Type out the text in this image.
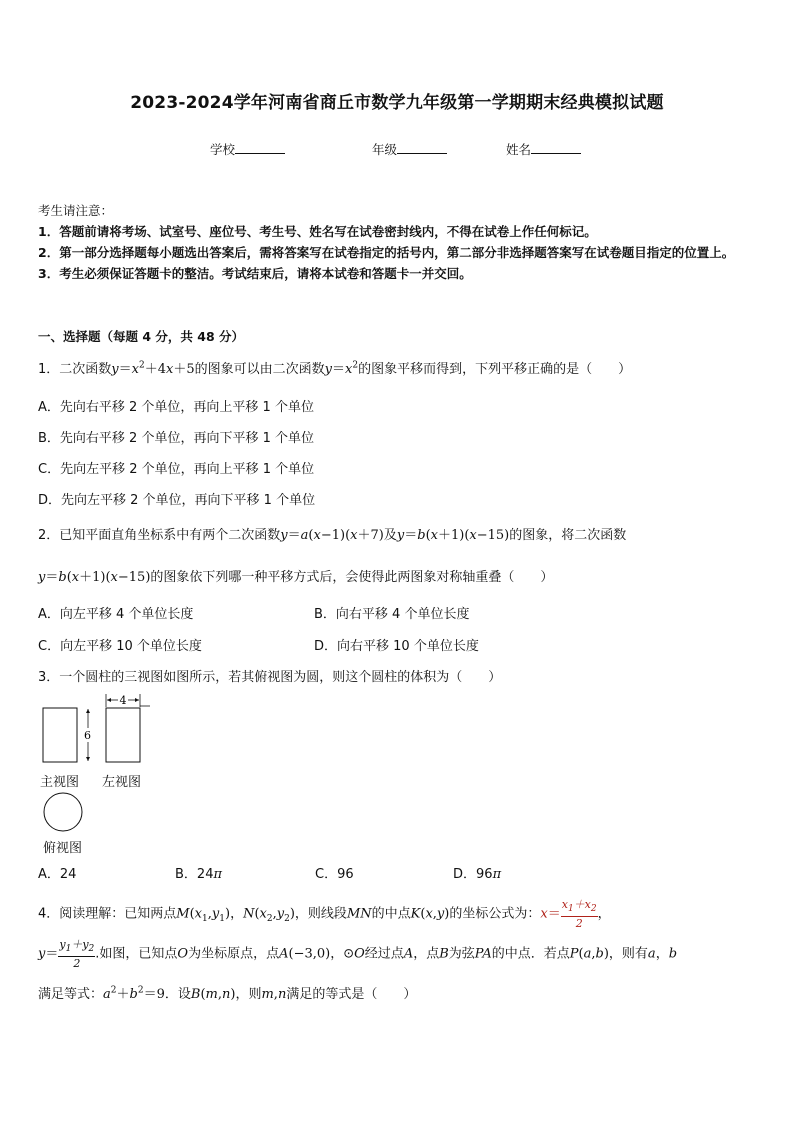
2023-2024学年河南省商丘市数学九年级第一学期期末经典模拟试题
学校	年级	姓名
考生请注意：
1．答题前请将考场、试室号、座位号、考生号、姓名写在试卷密封线内，不得在试卷上作任何标记。
2．第一部分选择题每小题选出答案后，需将答案写在试卷指定的括号内，第二部分非选择题答案写在试卷题目指定的位置上。
3．考生必须保证答题卡的整洁。考试结束后，请将本试卷和答题卡一并交回。
一、选择题（每题 4 分，共 48 分）
1．二次函数$y=x^2+4x+5$的图象可以由二次函数$y=x^2$的图象平移而得到，下列平移正确的是（　　）
A．先向右平移 2 个单位，再向上平移 1 个单位
B．先向右平移 2 个单位，再向下平移 1 个单位
C．先向左平移 2 个单位，再向上平移 1 个单位
D．先向左平移 2 个单位，再向下平移 1 个单位
2．已知平面直角坐标系中有两个二次函数y＝a(x−1)(x＋7)及y＝b(x＋1)(x−15)的图象，将二次函数
y＝b(x＋1)(x−15)的图象依下列哪一种平移方式后，会使得此两图象对称轴重叠（　　）
A．向左平移 4 个单位长度	B．向右平移 4 个单位长度
C．向左平移 10 个单位长度	D．向右平移 10 个单位长度
3．一个圆柱的三视图如图所示，若其俯视图为圆，则这个圆柱的体积为（　　）
4
6
主视图 左视图
俯视图
A．24	B．24π	C．96	D．96π
4．阅读理解：已知两点$M(x_1,y_1)$，$N(x_2,y_2)$，则线段MN的中点K(x,y)的坐标公式为：$x= \frac{x_1+x_2}{2}$，
$y= \frac{y_1+y_2}{2}$.如图，已知点O为坐标原点，点A(−3,0)，⊙O经过点A，点B为弦PA的中点．若点P(a,b)，则有a，b
满足等式：$a^2+b^2=9$．设B(m,n)，则m,n满足的等式是（　　）
